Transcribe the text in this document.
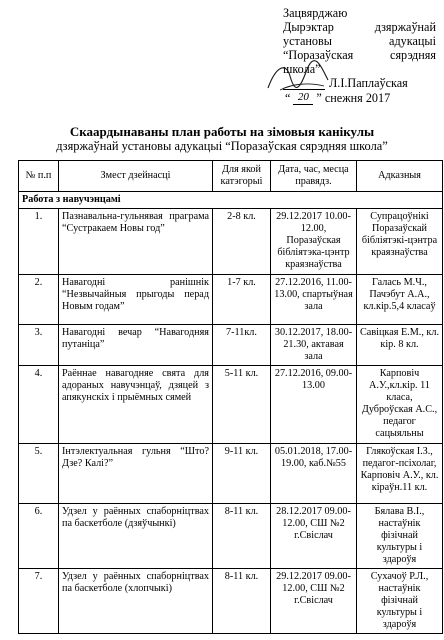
Зацвярджаю
Дырэктар	дзяржаўнай
установы	адукацыі
“Поразаўская	сярэдняя
школа”
Л.І.Паплаўская
“ 20 ” снежня 2017
Скаардынаваны план работы на зімовыя канікулы
дзяржаўнай установы адукацыі “Поразаўская сярэдняя школа”
№ п.п	Змест дзейнасці	Для якой катэгорыі	Дата, час, месца правядз.	Адказныя
Работа з навучэнцамі				
1.	Пазнавальна-гульнявая праграма “Сустракаем Новы год”	2-8 кл.	29.12.2017 10.00-12.00, Поразаўская бібліятэка-цэнтр краязнаўства	Супрацоўнікі Поразаўскай бібліятэкі-цэнтра краязнаўства
2.	Навагодні ранішнік “Незвычайныя прыгоды перад Новым годам”	1-7 кл.	27.12.2016, 11.00-13.00, спартыўная зала	Галась М.Ч., Пачэбут А.А., кл.кір.5,4 класаў
3.	Навагодні вечар “Навагодняя путаніца”	7-11кл.	30.12.2017, 18.00-21.30, актавая зала	Савіцкая Е.М., кл. кір. 8 кл.
4.	Раённае навагодняе свята для адораных навучэнцаў, дзяцей з апякунскіх і прыёмных сямей	5-11 кл.	27.12.2016, 09.00-13.00	Карповіч А.У.,кл.кір. 11 класа, Дуброўская А.С., педагог сацыяльны
5.	Інтэлектуальная гульня “Што? Дзе? Калі?”	9-11 кл.	05.01.2018, 17.00-19.00, каб.№55	Глякоўская І.З., педагог-псіхолаг, Карповіч А.У., кл. кіраўн.11 кл.
6.	Удзел у раённых спаборніцтвах па баскетболе (дзяўчынкі)	8-11 кл.	28.12.2017 09.00-12.00, СШ №2 г.Свіслач	Бялава В.І., настаўнік фізічнай культуры і здароўя
7.	Удзел у раённых спаборніцтвах па баскетболе (хлопчыкі)	8-11 кл.	29.12.2017 09.00-12.00, СШ №2 г.Свіслач	Сухачоў Р.Л., настаўнік фізічнай культуры і здароўя
